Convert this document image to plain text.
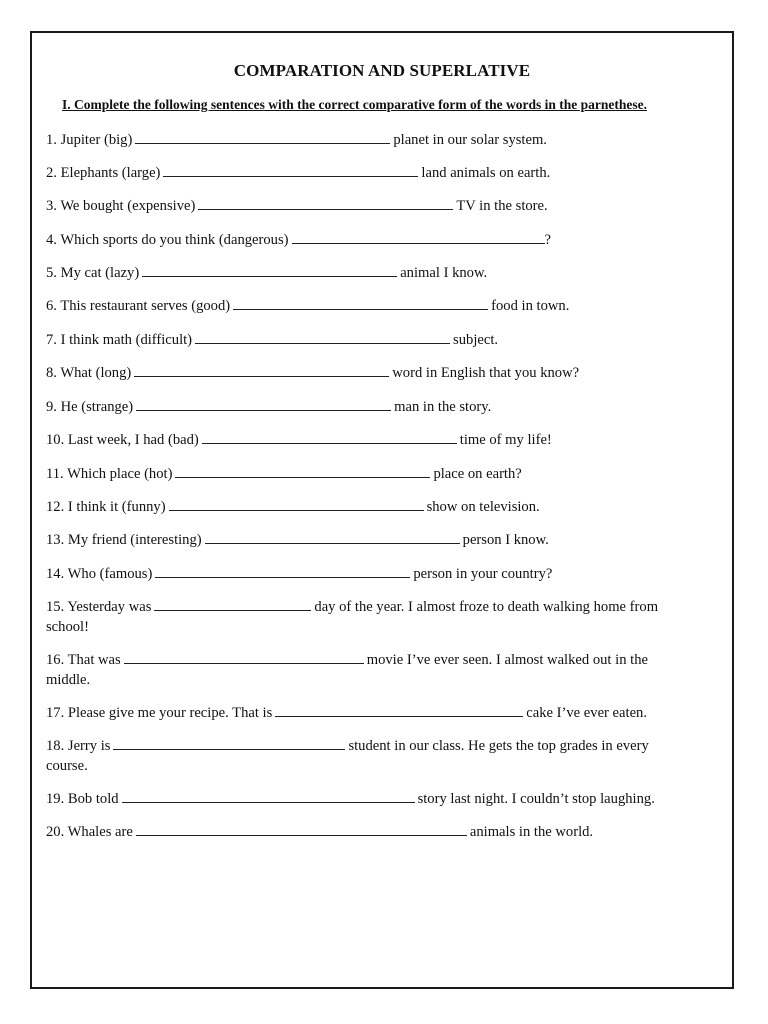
COMPARATION AND SUPERLATIVE
I. Complete the following sentences with the correct comparative form of the words in the parnethese.

1. Jupiter (big)	planet in our solar system.

2. Elephants (large)	land animals on earth.

3. We bought (expensive)	TV in the store.

4. Which sports do you think (dangerous)	?

5. My cat (lazy)	animal I know.

6. This restaurant serves (good)	food in town.

7. I think math (difficult)	subject.

8. What (long)	word in English that you know?

9. He (strange)	man in the story.

10. Last week, I had (bad)	time of my life!

11. Which place (hot)	place on earth?

12. I think it (funny)	show on television.

13. My friend (interesting)	person I know.

14. Who (famous)	person in your country?

15. Yesterday was	day of the year. I almost froze to death walking home from school!

16. That was	movie I’ve ever seen. I almost walked out in the middle.

17. Please give me your recipe. That is	cake I’ve ever eaten.

18. Jerry is	student in our class. He gets the top grades in every course.

19. Bob told	story last night. I couldn’t stop laughing.

20. Whales are	animals in the world.
